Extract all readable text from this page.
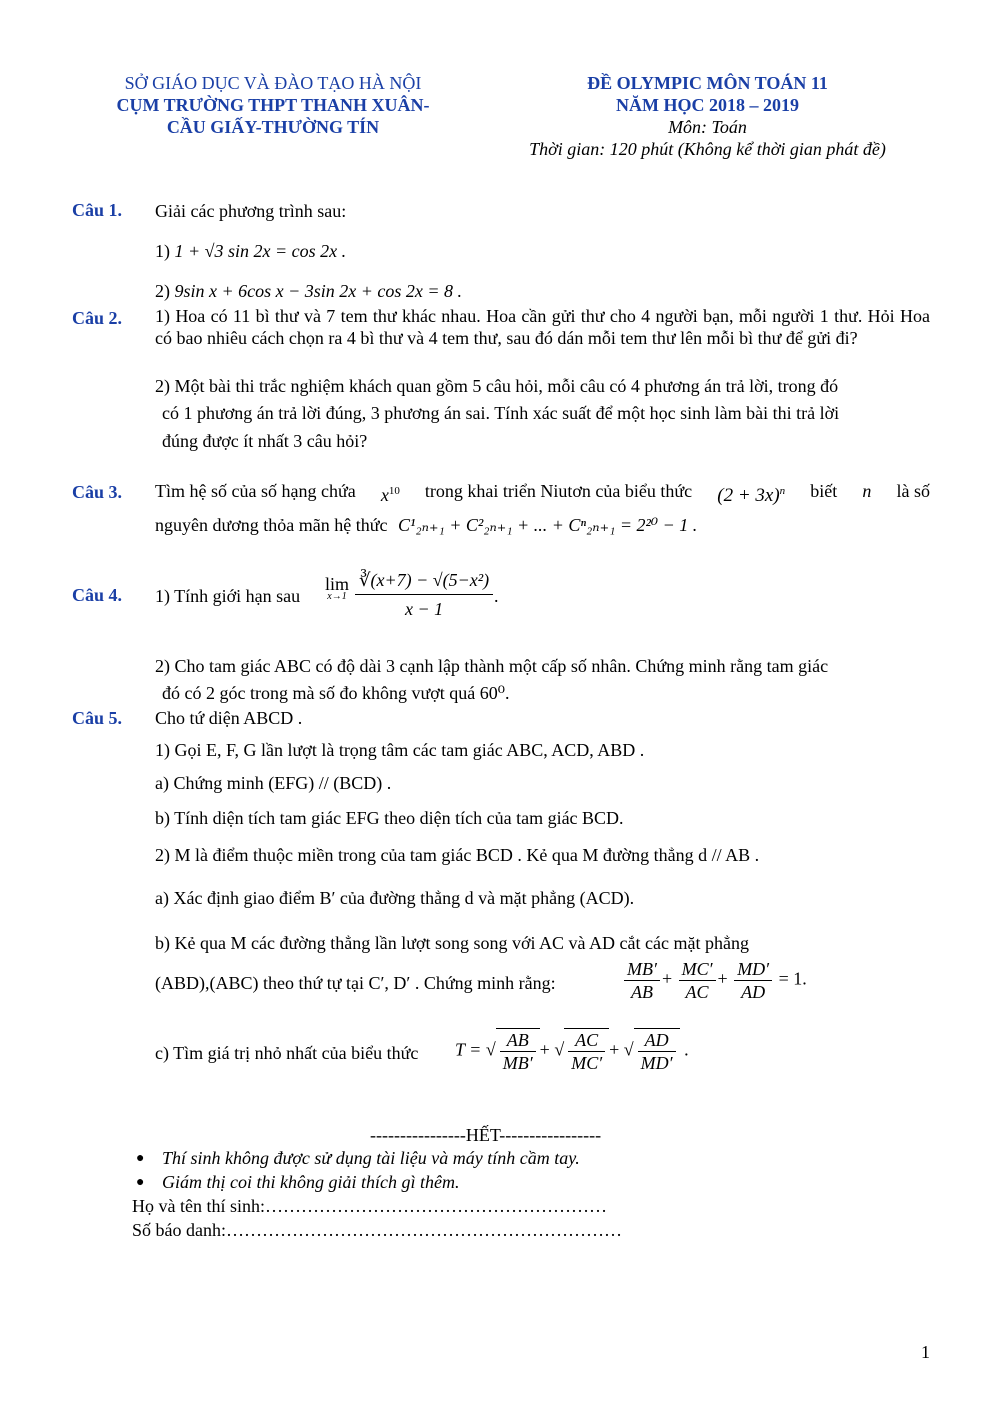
SỞ GIÁO DỤC VÀ ĐÀO TẠO HÀ NỘI
CỤM TRƯỜNG THPT THANH XUÂN-
CẦU GIẤY-THƯỜNG TÍN
ĐỀ OLYMPIC MÔN TOÁN 11
NĂM HỌC 2018 – 2019
Môn: Toán
Thời gian: 120 phút (Không kể thời gian phát đề)
Câu 1. Giải các phương trình sau:
1) 1 + √3 sin 2x = cos 2x .
2) 9sin x + 6cos x − 3sin 2x + cos 2x = 8 .
Câu 2. 1) Hoa có 11 bì thư và 7 tem thư khác nhau. Hoa cần gửi thư cho 4 người bạn, mỗi người 1 thư. Hỏi Hoa có bao nhiêu cách chọn ra 4 bì thư và 4 tem thư, sau đó dán mỗi tem thư lên mỗi bì thư để gửi đi?
2) Một bài thi trắc nghiệm khách quan gồm 5 câu hỏi, mỗi câu có 4 phương án trả lời, trong đó
có 1 phương án trả lời đúng, 3 phương án sai. Tính xác suất để một học sinh làm bài thi trả lời
đúng được ít nhất 3 câu hỏi?
Câu 3. Tìm hệ số của số hạng chứa $x^{10}$ trong khai triển Niutơn của biểu thức $(2 + 3x)^n$ biết n là số
nguyên dương thỏa mãn hệ thức C¹₂ₙ₊₁ + C²₂ₙ₊₁ + ... + Cⁿ₂ₙ₊₁ = 2²⁰ − 1 .
Câu 4. 1) Tính giới hạn sau
lim
$x\to 1 \frac{\text{∛(x+7) − √(5−x²)}}{x - 1}$ .
2) Cho tam giác ABC có độ dài 3 cạnh lập thành một cấp số nhân. Chứng minh rằng tam giác
đó có 2 góc trong mà số đo không vượt quá 60⁰.
Câu 5. Cho tứ diện ABCD .
1) Gọi E, F, G lần lượt là trọng tâm các tam giác ABC, ACD, ABD .
a) Chứng minh (EFG) // (BCD) .
b) Tính diện tích tam giác EFG theo diện tích của tam giác BCD.
2) M là điểm thuộc miền trong của tam giác BCD . Kẻ qua M đường thẳng d // AB .
a) Xác định giao điểm B′ của đường thẳng d và mặt phẳng (ACD).
b) Kẻ qua M các đường thẳng lần lượt song song với AC và AD cắt các mặt phẳng
(ABD),(ABC) theo thứ tự tại C′, D′ . Chứng minh rằng:	$\frac{MB'}{AB} + \frac{MC'}{AC} + \frac{MD'}{AD} = 1$.
c) Tìm giá trị nhỏ nhất của biểu thức T = √ $\frac{AB}{MB'}$ + √ $\frac{AC}{MC'}$ + √ $\frac{AD}{MD'}$ .
----------------HẾT-----------------
● Thí sinh không được sử dụng tài liệu và máy tính cầm tay.
● Giám thị coi thi không giải thích gì thêm.
Họ và tên thí sinh:…………………………………………………
Số báo danh:…………………………………………………………
1
